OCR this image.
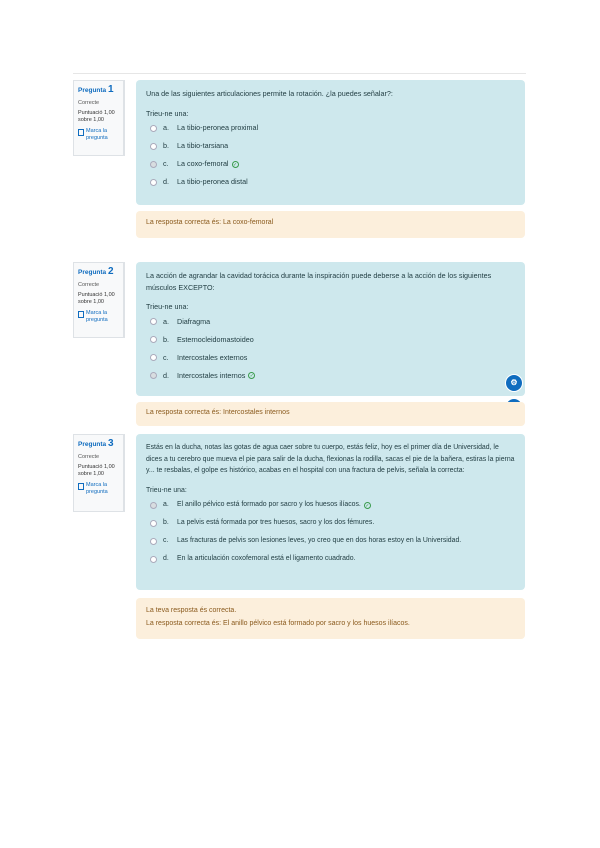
Pregunta 1
Correcte
Puntuació 1,00 sobre 1,00
Marca la pregunta
Una de las siguientes articulaciones permite la rotación. ¿la puedes señalar?:
Trieu-ne una:
a.	La tibio-peronea proximal
b.	La tibio-tarsiana
c.	La coxo-femoral ✓
d.	La tibio-peronea distal
La resposta correcta és: La coxo-femoral
Pregunta 2
Correcte
Puntuació 1,00 sobre 1,00
Marca la pregunta
La acción de agrandar la cavidad torácica durante la inspiración puede deberse a la acción de los siguientes músculos EXCEPTO:
Trieu-ne una:
a.	Diafragma
b.	Esternocleidomastoideo
c.	Intercostales externos
d.	Intercostales internos ✓
⚙
La resposta correcta és: Intercostales internos
Pregunta 3
Correcte
Puntuació 1,00 sobre 1,00
Marca la pregunta
Estás en la ducha, notas las gotas de agua caer sobre tu cuerpo, estás feliz, hoy es el primer día de Universidad, le dices a tu cerebro que mueva el pie para salir de la ducha, flexionas la rodilla, sacas el pie de la bañera, estiras la pierna y... te resbalas, el golpe es histórico, acabas en el hospital con una fractura de pelvis, señala la correcta:
Trieu-ne una:
a.	El anillo pélvico está formado por sacro y los huesos ilíacos. ✓
b.	La pelvis está formada por tres huesos, sacro y los dos fémures.
c.	Las fracturas de pelvis son lesiones leves, yo creo que en dos horas estoy en la Universidad.
d.	En la articulación coxofemoral está el ligamento cuadrado.
La teva resposta és correcta.
La resposta correcta és: El anillo pélvico está formado por sacro y los huesos ilíacos.
